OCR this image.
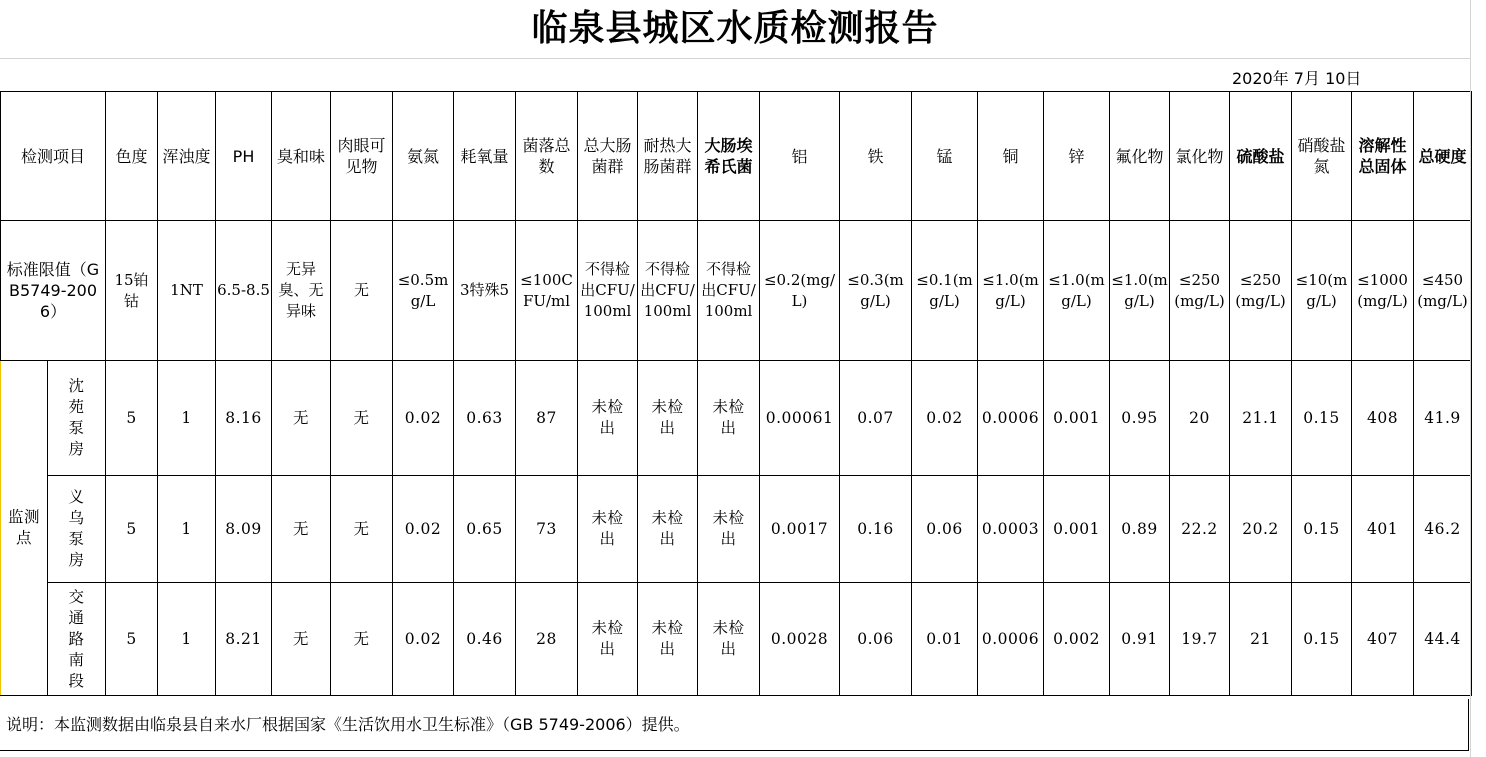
临泉县城区水质检测报告
2020年 7月 10日
检测项目		色度	浑浊度	PH	臭和味	肉眼可见物	氨氮	耗氧量	菌落总数	总大肠菌群	耐热大肠菌群	大肠埃希氏菌	铝	铁	锰	铜	锌	氟化物	氯化物	硫酸盐	硝酸盐氮	溶解性总固体	总硬度
标准限值（GB5749-2006）		15铂钴	1NT	6.5-8.5	无异臭、无异味	无	≤0.5mg/L	3特殊5	≤100CFU/ml	不得检出CFU/100ml	不得检出CFU/100ml	不得检出CFU/100ml	≤0.2(mg/L)	≤0.3(mg/L)	≤0.1(mg/L)	≤1.0(mg/L)	≤1.0(mg/L)	≤1.0(mg/L)	≤250(mg/L)	≤250(mg/L)	≤10(mg/L)	≤1000(mg/L)	≤450(mg/L)
监测点	沈苑泵房	5	1	8.16	无	无	0.02	0.63	87	未检出	未检出	未检出	0.00061	0.07	0.02	0.0006	0.001	0.95	20	21.1	0.15	408	41.9
	义乌泵房	5	1	8.09	无	无	0.02	0.65	73	未检出	未检出	未检出	0.0017	0.16	0.06	0.0003	0.001	0.89	22.2	20.2	0.15	401	46.2
	交通路南段	5	1	8.21	无	无	0.02	0.46	28	未检出	未检出	未检出	0.0028	0.06	0.01	0.0006	0.002	0.91	19.7	21	0.15	407	44.4
说明：本监测数据由临泉县自来水厂根据国家《生活饮用水卫生标准》（GB 5749-2006）提供。
